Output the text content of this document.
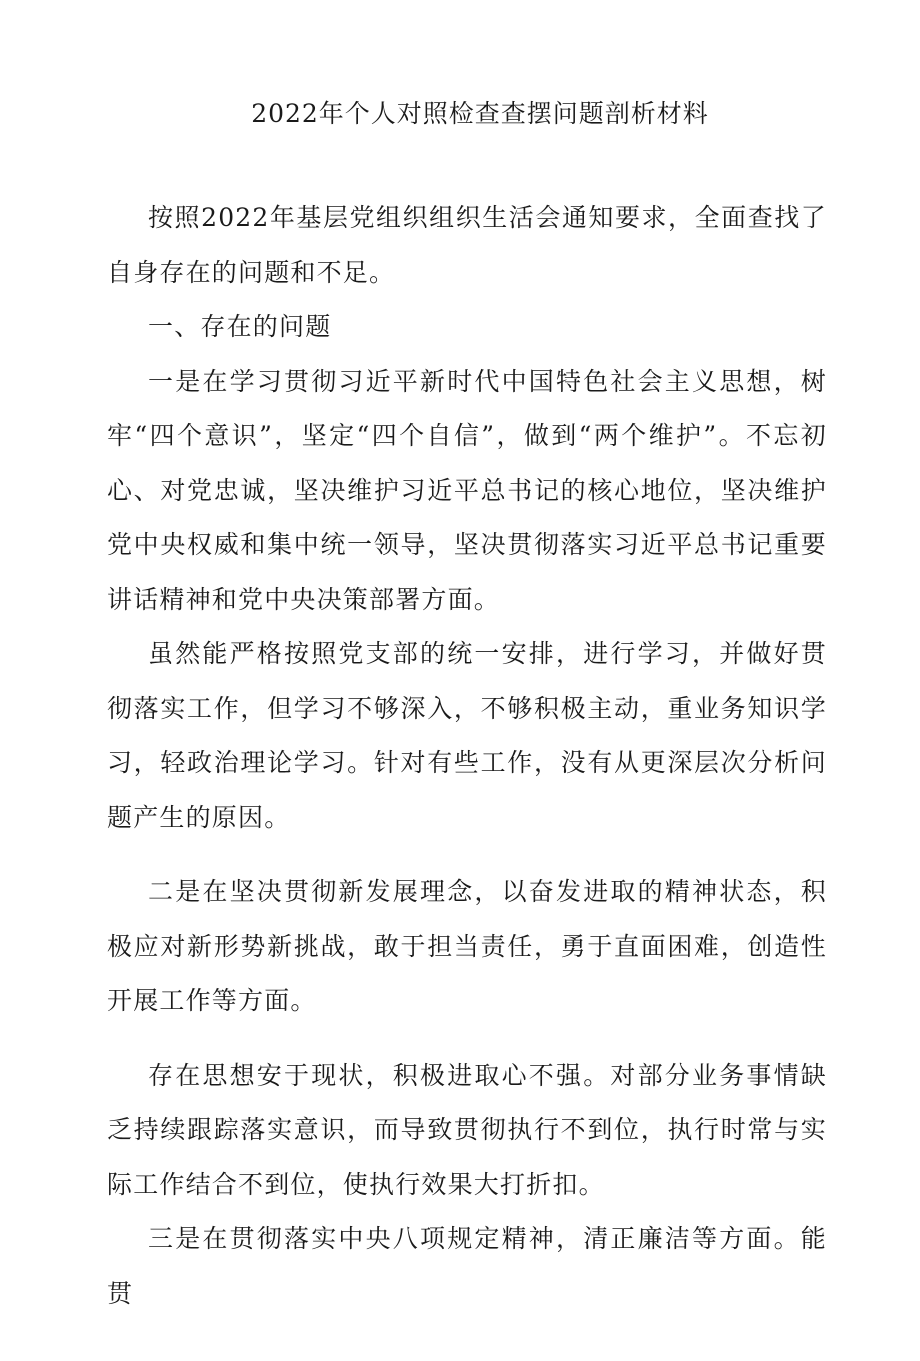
2022年个人对照检查查摆问题剖析材料

按照2022年基层党组织组织生活会通知要求，全面查找了自身存在的问题和不足。

一、存在的问题

一是在学习贯彻习近平新时代中国特色社会主义思想，树牢“四个意识”，坚定“四个自信”，做到“两个维护”。不忘初心、对党忠诚，坚决维护习近平总书记的核心地位，坚决维护党中央权威和集中统一领导，坚决贯彻落实习近平总书记重要讲话精神和党中央决策部署方面。

虽然能严格按照党支部的统一安排，进行学习，并做好贯彻落实工作，但学习不够深入，不够积极主动，重业务知识学习，轻政治理论学习。针对有些工作，没有从更深层次分析问题产生的原因。

二是在坚决贯彻新发展理念，以奋发进取的精神状态，积极应对新形势新挑战，敢于担当责任，勇于直面困难，创造性开展工作等方面。

存在思想安于现状，积极进取心不强。对部分业务事情缺乏持续跟踪落实意识，而导致贯彻执行不到位，执行时常与实际工作结合不到位，使执行效果大打折扣。

三是在贯彻落实中央八项规定精神，清正廉洁等方面。能贯
